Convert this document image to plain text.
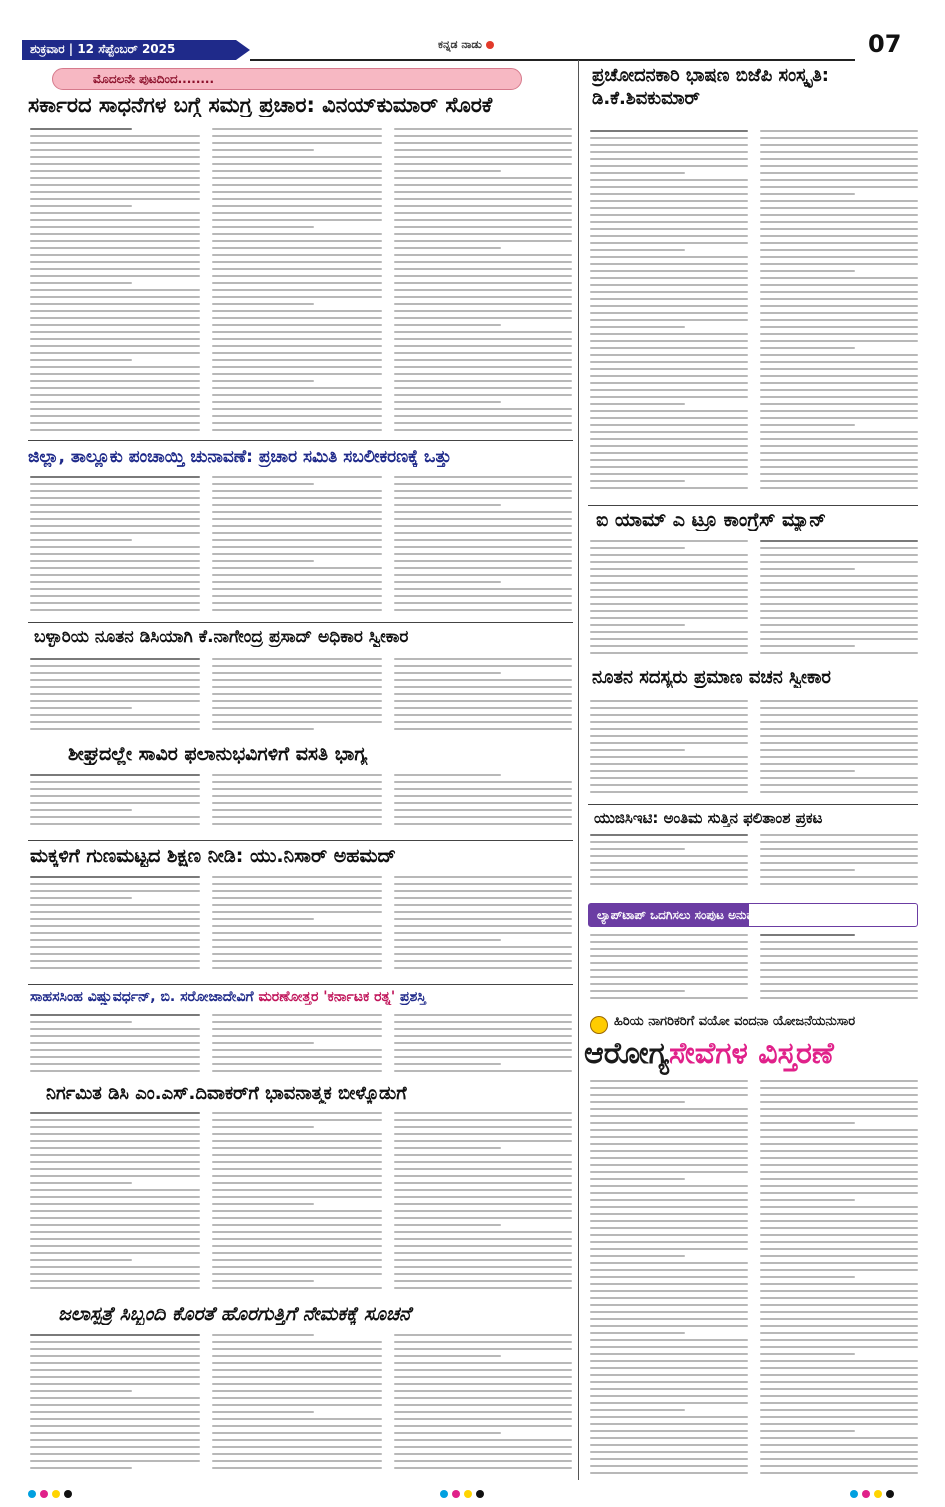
ಶುಕ್ರವಾರ | 12 ಸೆಪ್ಟೆಂಬರ್ 2025	ಕನ್ನಡ ನಾಡು	07
ಮೊದಲನೇ ಪುಟದಿಂದ........
ಸರ್ಕಾರದ ಸಾಧನೆಗಳ ಬಗ್ಗೆ ಸಮಗ್ರ ಪ್ರಚಾರ: ವಿನಯ್‌ಕುಮಾರ್ ಸೊರಕೆ
ಜಿಲ್ಲಾ, ತಾಲ್ಲೂಕು ಪಂಚಾಯ್ತಿ ಚುನಾವಣೆ: ಪ್ರಚಾರ ಸಮಿತಿ ಸಬಲೀಕರಣಕ್ಕೆ ಒತ್ತು
ಬಳ್ಳಾರಿಯ ನೂತನ ಡಿಸಿಯಾಗಿ ಕೆ.ನಾಗೇಂದ್ರ ಪ್ರಸಾದ್ ಅಧಿಕಾರ ಸ್ವೀಕಾರ
ಶೀಘ್ರದಲ್ಲೇ ಸಾವಿರ ಫಲಾನುಭವಿಗಳಿಗೆ ವಸತಿ ಭಾಗ್ಯ
ಮಕ್ಕಳಿಗೆ ಗುಣಮಟ್ಟದ ಶಿಕ್ಷಣ ನೀಡಿ: ಯು.ನಿಸಾರ್ ಅಹಮದ್
ಸಾಹಸಸಿಂಹ ವಿಷ್ಣುವರ್ಧನ್, ಬಿ. ಸರೋಜಾದೇವಿಗೆ ಮರಣೋತ್ತರ 'ಕರ್ನಾಟಕ ರತ್ನ' ಪ್ರಶಸ್ತಿ
ನಿರ್ಗಮಿತ ಡಿಸಿ ಎಂ.ಎಸ್.ದಿವಾಕರ್‌ಗೆ ಭಾವನಾತ್ಮಕ ಬೀಳ್ಕೊಡುಗೆ
ಜಲಾಸ್ಪತ್ರೆ ಸಿಬ್ಬಂದಿ ಕೊರತೆ ಹೊರಗುತ್ತಿಗೆ ನೇಮಕಕ್ಕೆ ಸೂಚನೆ
ಪ್ರಚೋದನಕಾರಿ ಭಾಷಣ ಬಿಜೆಪಿ ಸಂಸ್ಕೃತಿ: ಡಿ.ಕೆ.ಶಿವಕುಮಾರ್
ಐ ಯಾಮ್ ಎ ಟ್ರೂ ಕಾಂಗ್ರೆಸ್ ಮ್ಯಾನ್
ನೂತನ ಸದಸ್ಯರು ಪ್ರಮಾಣ ವಚನ ಸ್ವೀಕಾರ
ಯುಜಿಸಿಇಟಿ: ಅಂತಿಮ ಸುತ್ತಿನ ಫಲಿತಾಂಶ ಪ್ರಕಟ
ಲ್ಯಾಪ್‌ಟಾಪ್ ಒದಗಿಸಲು ಸಂಪುಟ ಅನುಮೋದನೆ
ಹಿರಿಯ ನಾಗರಿಕರಿಗೆ ವಯೋ ವಂದನಾ ಯೋಜನೆಯನುಸಾರ
ಆರೋಗ್ಯಸೇವೆಗಳ ವಿಸ್ತರಣೆ
